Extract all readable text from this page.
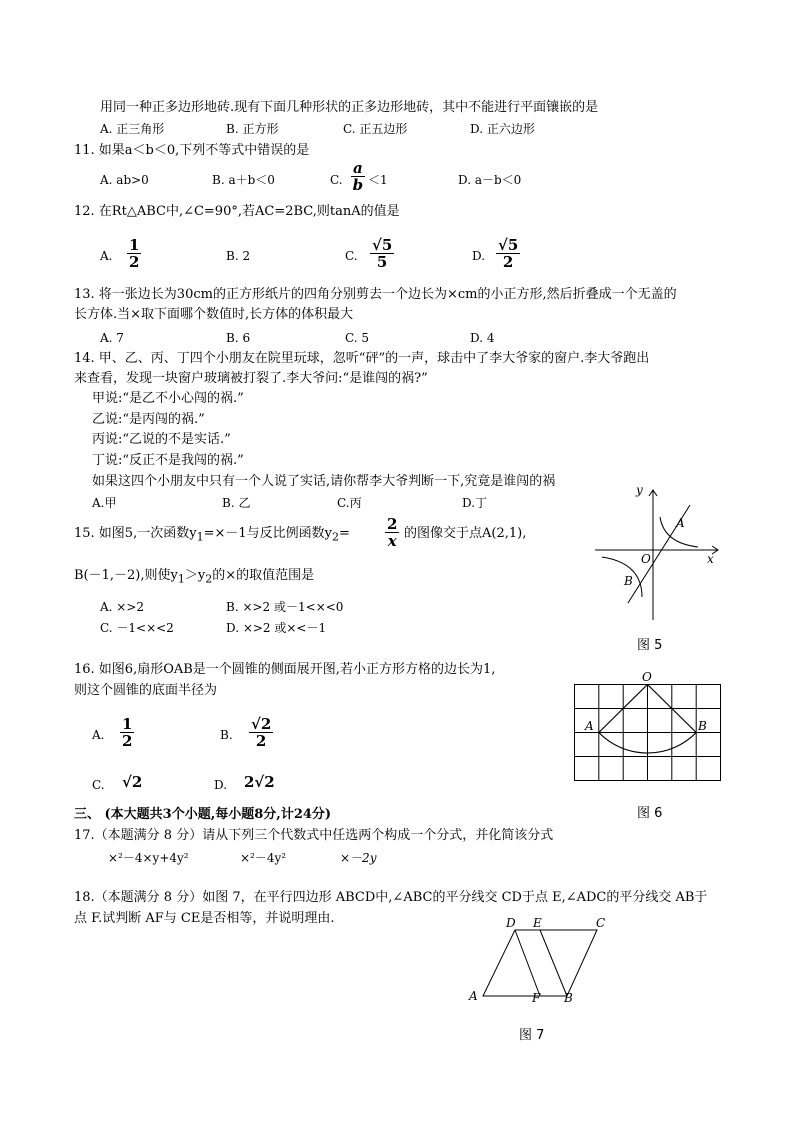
用同一种正多边形地砖.现有下面几种形状的正多边形地砖，其中不能进行平面镶嵌的是
A. 正三角形	B. 正方形	C. 正五边形	D. 正六边形
11. 如果a＜b＜0,下列不等式中错误的是
A. ab>0	B. a＋b＜0	C. $\frac{a}{b} <1$	D. a－b＜0
12. 在Rt△ABC中,∠C=90°,若AC=2BC,则tanA的值是
A. $\frac{1}{2}$	B. 2	C. $\frac{√5}{5}$	D. $\frac{√5}{2}$
13. 将一张边长为30cm的正方形纸片的四角分别剪去一个边长为×cm的小正方形,然后折叠成一个无盖的
长方体.当×取下面哪个数值时,长方体的体积最大
A. 7	B. 6	C. 5	D. 4
14. 甲、乙、丙、丁四个小朋友在院里玩球，忽听“砰”的一声，球击中了李大爷家的窗户.李大爷跑出
来查看，发现一块窗户玻璃被打裂了.李大爷问:“是谁闯的祸?”
甲说:“是乙不小心闯的祸.”
乙说:“是丙闯的祸.”
丙说:“乙说的不是实话.”
丁说:“反正不是我闯的祸.”
如果这四个小朋友中只有一个人说了实话,请你帮李大爷判断一下,究竟是谁闯的祸
A.甲	B. 乙	C.丙	D.丁
15. 如图5,一次函数$y_1=\times-1$与反比例函数$y_2= \frac{2}{x}$ 的图像交于点A(2,1),
B(－1,－2),则使$y_1>y_2$的×的取值范围是
A. ×>2	B. ×>2 或－1<×<0
C. －1<×<2	D. ×>2 或×<－1
y
x
O
A
B
图 5
16. 如图6,扇形OAB是一个圆锥的侧面展开图,若小正方形方格的边长为1,
则这个圆锥的底面半径为
A. $\frac{1}{2}$	B. $\frac{√2}{2}$
C. √2	D. 2√2
O
A	B
图 6
三、 (本大题共3个小题,每小题8分,计24分)
17.（本题满分 8 分）请从下列三个代数式中任选两个构成一个分式，并化简该分式
×²－4×y+4y²	×²－4y²	×－2y
18.（本题满分 8 分）如图 7，在平行四边形 ABCD中,∠ABC的平分线交 CD于点 E,∠ADC的平分线交 AB于
点 F.试判断 AF与 CE是否相等，并说明理由.	D E	C
A	F B
图 7
